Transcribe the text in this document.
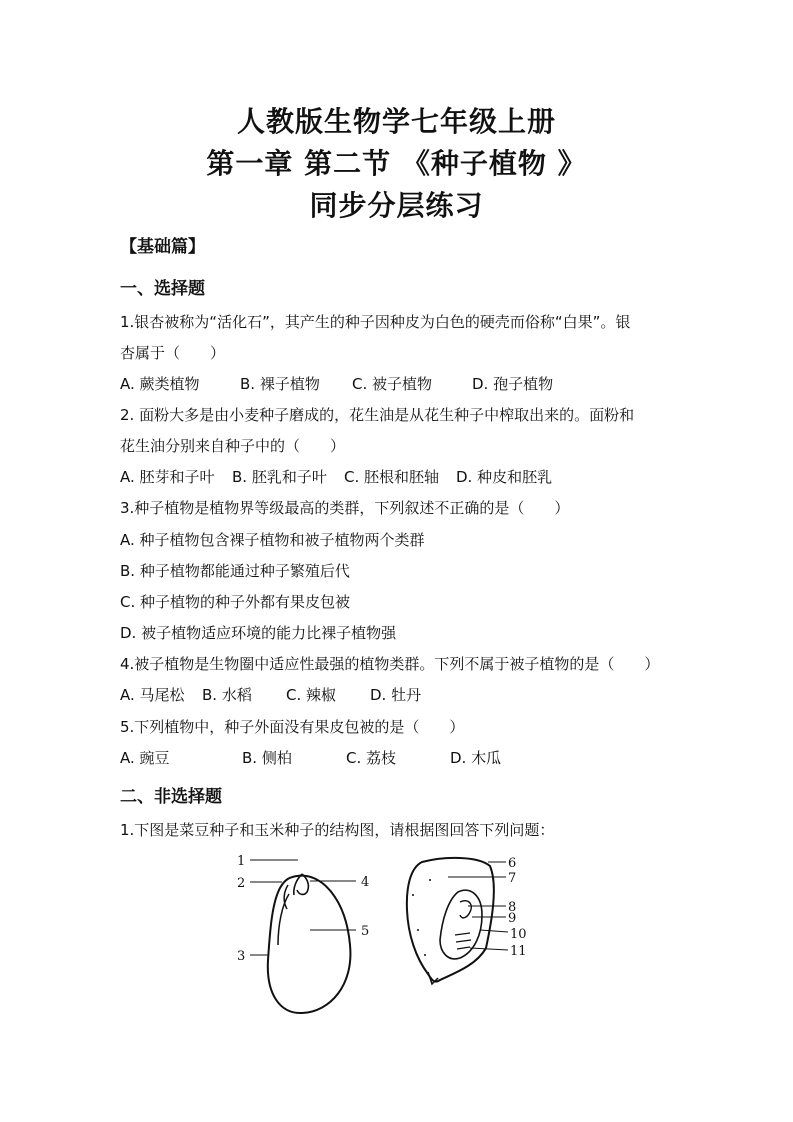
人教版生物学七年级上册
第一章 第二节 《种子植物 》
同步分层练习
【基础篇】
一、选择题
1.银杏被称为“活化石”，其产生的种子因种皮为白色的硬壳而俗称“白果”。银
杏属于（　　）
A. 蕨类植物	B. 裸子植物 C. 被子植物	D. 孢子植物
2. 面粉大多是由小麦种子磨成的，花生油是从花生种子中榨取出来的。面粉和
花生油分别来自种子中的（　　）
A. 胚芽和子叶 B. 胚乳和子叶 C. 胚根和胚轴 D. 种皮和胚乳
3.种子植物是植物界等级最高的类群，下列叙述不正确的是（　　）
A. 种子植物包含裸子植物和被子植物两个类群
B. 种子植物都能通过种子繁殖后代
C. 种子植物的种子外都有果皮包被
D. 被子植物适应环境的能力比裸子植物强
4.被子植物是生物圈中适应性最强的植物类群。下列不属于被子植物的是（　　）
A. 马尾松 B. 水稻 C. 辣椒 D. 牡丹
5.下列植物中，种子外面没有果皮包被的是（　　）
A. 豌豆	B. 侧柏	C. 荔枝	D. 木瓜
二、非选择题
1.下图是菜豆种子和玉米种子的结构图，请根据图回答下列问题：
1
2
3
4
5
6
7
8
9
10
11
